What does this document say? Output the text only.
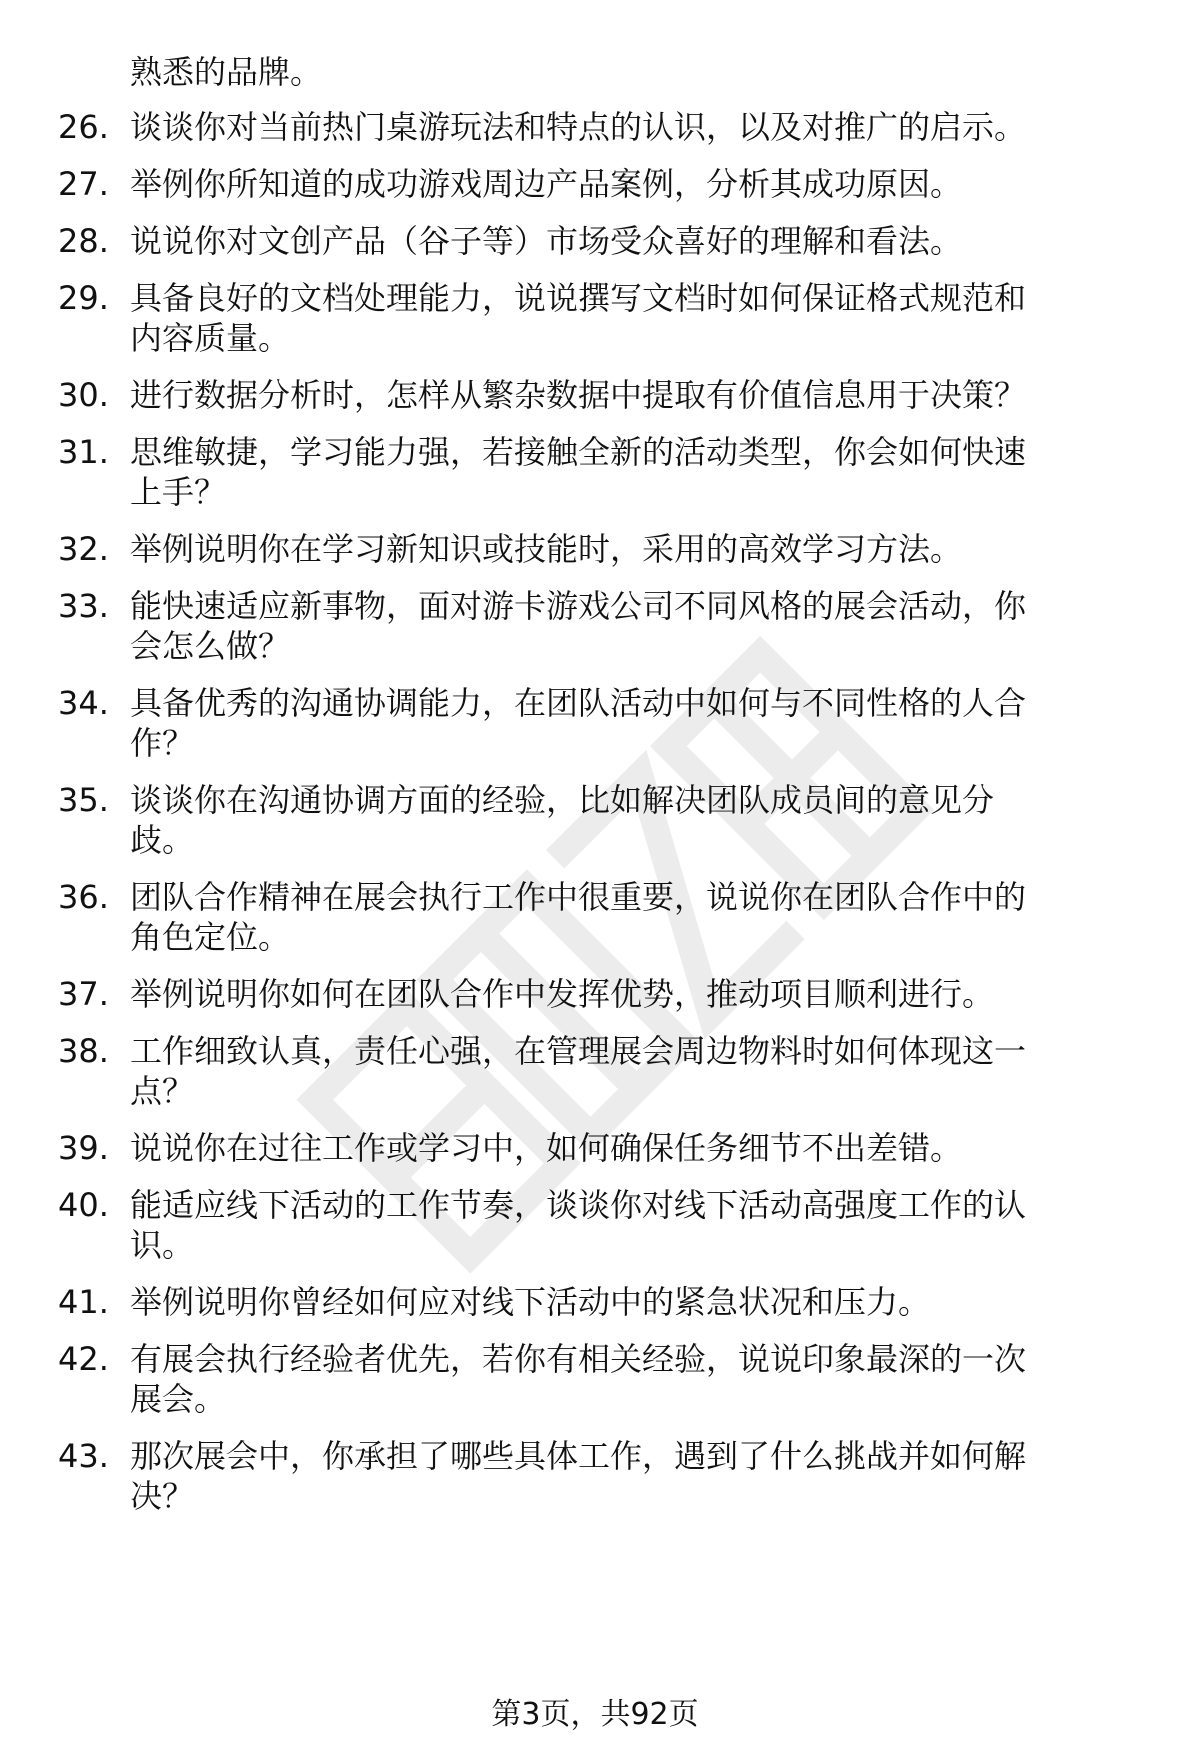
熟悉的品牌。
26. 谈谈你对当前热门桌游玩法和特点的认识，以及对推广的启示。
27. 举例你所知道的成功游戏周边产品案例，分析其成功原因。
28. 说说你对文创产品（谷子等）市场受众喜好的理解和看法。
29. 具备良好的文档处理能力，说说撰写文档时如何保证格式规范和
内容质量。
30. 进行数据分析时，怎样从繁杂数据中提取有价值信息用于决策？
31. 思维敏捷，学习能力强，若接触全新的活动类型，你会如何快速
上手？
32. 举例说明你在学习新知识或技能时，采用的高效学习方法。
33. 能快速适应新事物，面对游卡游戏公司不同风格的展会活动，你
会怎么做？
34. 具备优秀的沟通协调能力，在团队活动中如何与不同性格的人合
作？
35. 谈谈你在沟通协调方面的经验，比如解决团队成员间的意见分
歧。
36. 团队合作精神在展会执行工作中很重要，说说你在团队合作中的
角色定位。
37. 举例说明你如何在团队合作中发挥优势，推动项目顺利进行。
38. 工作细致认真，责任心强，在管理展会周边物料时如何体现这一
点？
39. 说说你在过往工作或学习中，如何确保任务细节不出差错。
40. 能适应线下活动的工作节奏，谈谈你对线下活动高强度工作的认
识。
41. 举例说明你曾经如何应对线下活动中的紧急状况和压力。
42. 有展会执行经验者优先，若你有相关经验，说说印象最深的一次
展会。
43. 那次展会中，你承担了哪些具体工作，遇到了什么挑战并如何解
决？
第3页，共92页
